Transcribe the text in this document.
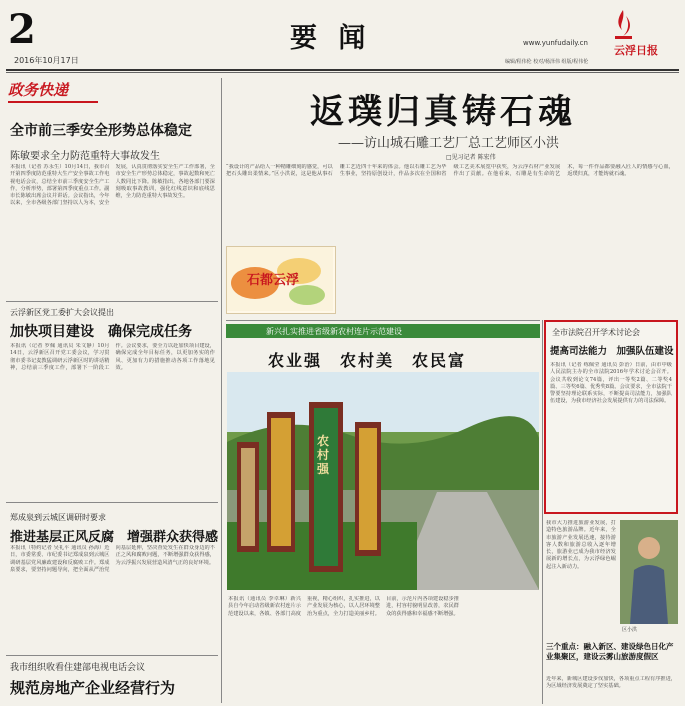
2	www.yunfudaily.cn
编辑/程伟伦 校对/杨泽伟 组版/程伟伦
要 闻
2016年10月17日
云浮日报
政务快递
全市前三季安全形势总体稳定
陈敏要求全力防范重特大事故发生
本报讯（记者 苏永生）10月14日，我市召开第四季度防范重特大生产安全事故工作电视电话会议，总结全市前三季度安全生产工作，分析形势，部署第四季度重点工作。副市长陈敏出席会议并讲话。会议指出，今年以来，全市各级各部门坚持以人为本，安全发展，认真贯彻落实安全生产工作部署，全市安全生产形势总体稳定，事故起数和死亡人数同比下降。陈敏指出，各地各部门要深刻吸取事故教训，强化红线意识和底线思维，全力防范重特大事故发生。
云浮新区党工委扩大会议提出
加快项目建设　确保完成任务
本报讯（记者 罗佩 通讯员 朱文静）10月14日，云浮新区召开党工委会议，学习贯彻市委书记麦教猛调研云浮新区时的讲话精神，总结前三季度工作，部署下一阶段工作。会议要求，要全力以赴加快项目建设，确保完成全年目标任务，以更加务实的作风、更加有力的措施推动各项工作落地见效。
郑成泉到云城区调研时要求
推进基层正风反腐　增强群众获得感
本报讯（特约记者 吴礼平 通讯员 孙海）近日，市委常委、市纪委书记郑成泉到云城区调研基层党风廉政建设和反腐败工作。郑成泉要求，要坚持问题导向，把全面从严治党向基层延伸，坚决查处发生在群众身边的不正之风和腐败问题，不断增强群众获得感，为云浮振兴发展营造风清气正的良好环境。
我市组织收看住建部电视电话会议
规范房地产企业经营行为
返璞归真铸石魂
——访山城石雕工艺厂总工艺师区小洪
□见习记者 陈宏伟
“我设计的产品给人一种精雕细刻的感觉，可以把石头雕出柔情来。”区小洪说，这是他从事石雕工艺近四十年来的体会。他以石雕工艺为毕生事业，坚持原创设计，作品多次在全国和省级工艺美术展览中获奖，为云浮石材产业发展作出了贡献。在他看来，石雕是有生命的艺术，每一件作品都要融入匠人的情感与心血，返璞归真，才能铸就石魂。
石都云浮
新兴扎实推进省级新农村连片示范建设
农业强　农村美　农民富
农村强
本报讯（通讯员 李卓琳）新兴县自今年启动省级新农村连片示范建设以来，各镇、各部门高度重视，精心组织，扎实推进，以产业发展为核心，以人居环境整治为重点，全力打造美丽乡村。目前，示范片内各项建设稳步推进，村容村貌明显改善，农民群众的获得感和幸福感不断增强。
全市法院召开学术讨论会
提高司法能力　加强队伍建设
本报讯（记者 练佩莹 通讯员 彭治）日前，由市中级人民法院主办的全市法院2016年学术讨论会召开。会议共收到论文74篇，评出一等奖2篇、二等奖4篇、三等奖6篇、优秀奖8篇。会议要求，全市法院干警要坚持理论联系实际，不断提高司法能力，加强队伍建设，为我市经济社会发展提供有力的司法保障。
我市大力推进旅游业发展，打造特色旅游品牌。近年来，全市旅游产业发展迅速，接待游客人数和旅游总收入逐年增长，旅游业已成为我市经济发展新的增长点，为云浮绿色崛起注入新动力。
区小洪
三个重点：融入新区、建设绿色日化产业集聚区，建设云雾山旅游度假区
近年来，新城区建设步伐加快，各项重点工程有序推进，为区域经济发展奠定了坚实基础。
